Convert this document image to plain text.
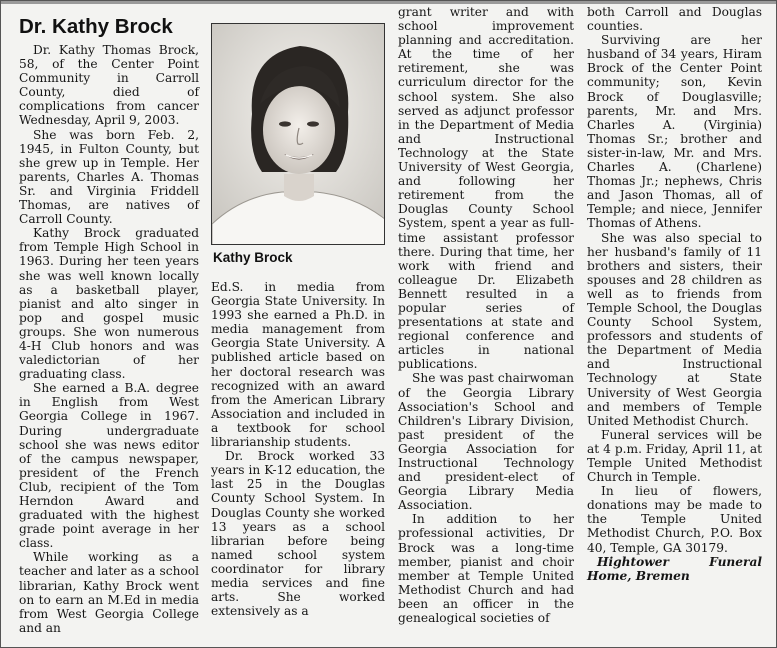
Dr. Kathy Brock

Dr. Kathy Thomas Brock, 58, of the Center Point Community in Carroll County, died of complications from cancer Wednesday, April 9, 2003.

She was born Feb. 2, 1945, in Fulton County, but she grew up in Temple. Her parents, Charles A. Thomas Sr. and Virginia Friddell Thomas, are natives of Carroll County.

Kathy Brock graduated from Temple High School in 1963. During her teen years she was well known locally as a basketball player, pianist and alto singer in pop and gospel music groups. She won numerous 4-H Club honors and was valedictorian of her graduating class.

She earned a B.A. degree in English from West Georgia College in 1967. During undergraduate school she was news editor of the campus newspaper, president of the French Club, recipient of the Tom Herndon Award and graduated with the highest grade point average in her class.

While working as a teacher and later as a school librarian, Kathy Brock went on to earn an M.Ed in media from West Georgia College and an

Kathy Brock

Ed.S. in media from Georgia State University. In 1993 she earned a Ph.D. in media management from Georgia State University. A published article based on her doctoral research was recognized with an award from the American Library Association and included in a textbook for school librarianship students.

Dr. Brock worked 33 years in K-12 education, the last 25 in the Douglas County School System. In Douglas County she worked 13 years as a school librarian before being named school system coordinator for library media services and fine arts. She worked extensively as a

grant writer and with school improvement planning and accreditation. At the time of her retirement, she was curriculum director for the school system. She also served as adjunct professor in the Department of Media and Instructional Technology at the State University of West Georgia, and following her retirement from the Douglas County School System, spent a year as full-time assistant professor there. During that time, her work with friend and colleague Dr. Elizabeth Bennett resulted in a popular series of presentations at state and regional conference and articles in national publications.

She was past chairwoman of the Georgia Library Association's School and Children's Library Division, past president of the Georgia Association for Instructional Technology and president-elect of Georgia Library Media Association.

In addition to her professional activities, Dr Brock was a long-time member, pianist and choir member at Temple United Methodist Church and had been an officer in the genealogical societies of

both Carroll and Douglas counties.

Surviving are her husband of 34 years, Hiram Brock of the Center Point community; son, Kevin Brock of Douglasville; parents, Mr. and Mrs. Charles A. (Virginia) Thomas Sr.; brother and sister-in-law, Mr. and Mrs. Charles A. (Charlene) Thomas Jr.; nephews, Chris and Jason Thomas, all of Temple; and niece, Jennifer Thomas of Athens.

She was also special to her husband's family of 11 brothers and sisters, their spouses and 28 children as well as to friends from Temple School, the Douglas County School System, professors and students of the Department of Media and Instructional Technology at State University of West Georgia and members of Temple United Methodist Church.

Funeral services will be at 4 p.m. Friday, April 11, at Temple United Methodist Church in Temple.

In lieu of flowers, donations may be made to the Temple United Methodist Church, P.O. Box 40, Temple, GA 30179.

Hightower Funeral
Home, Bremen
